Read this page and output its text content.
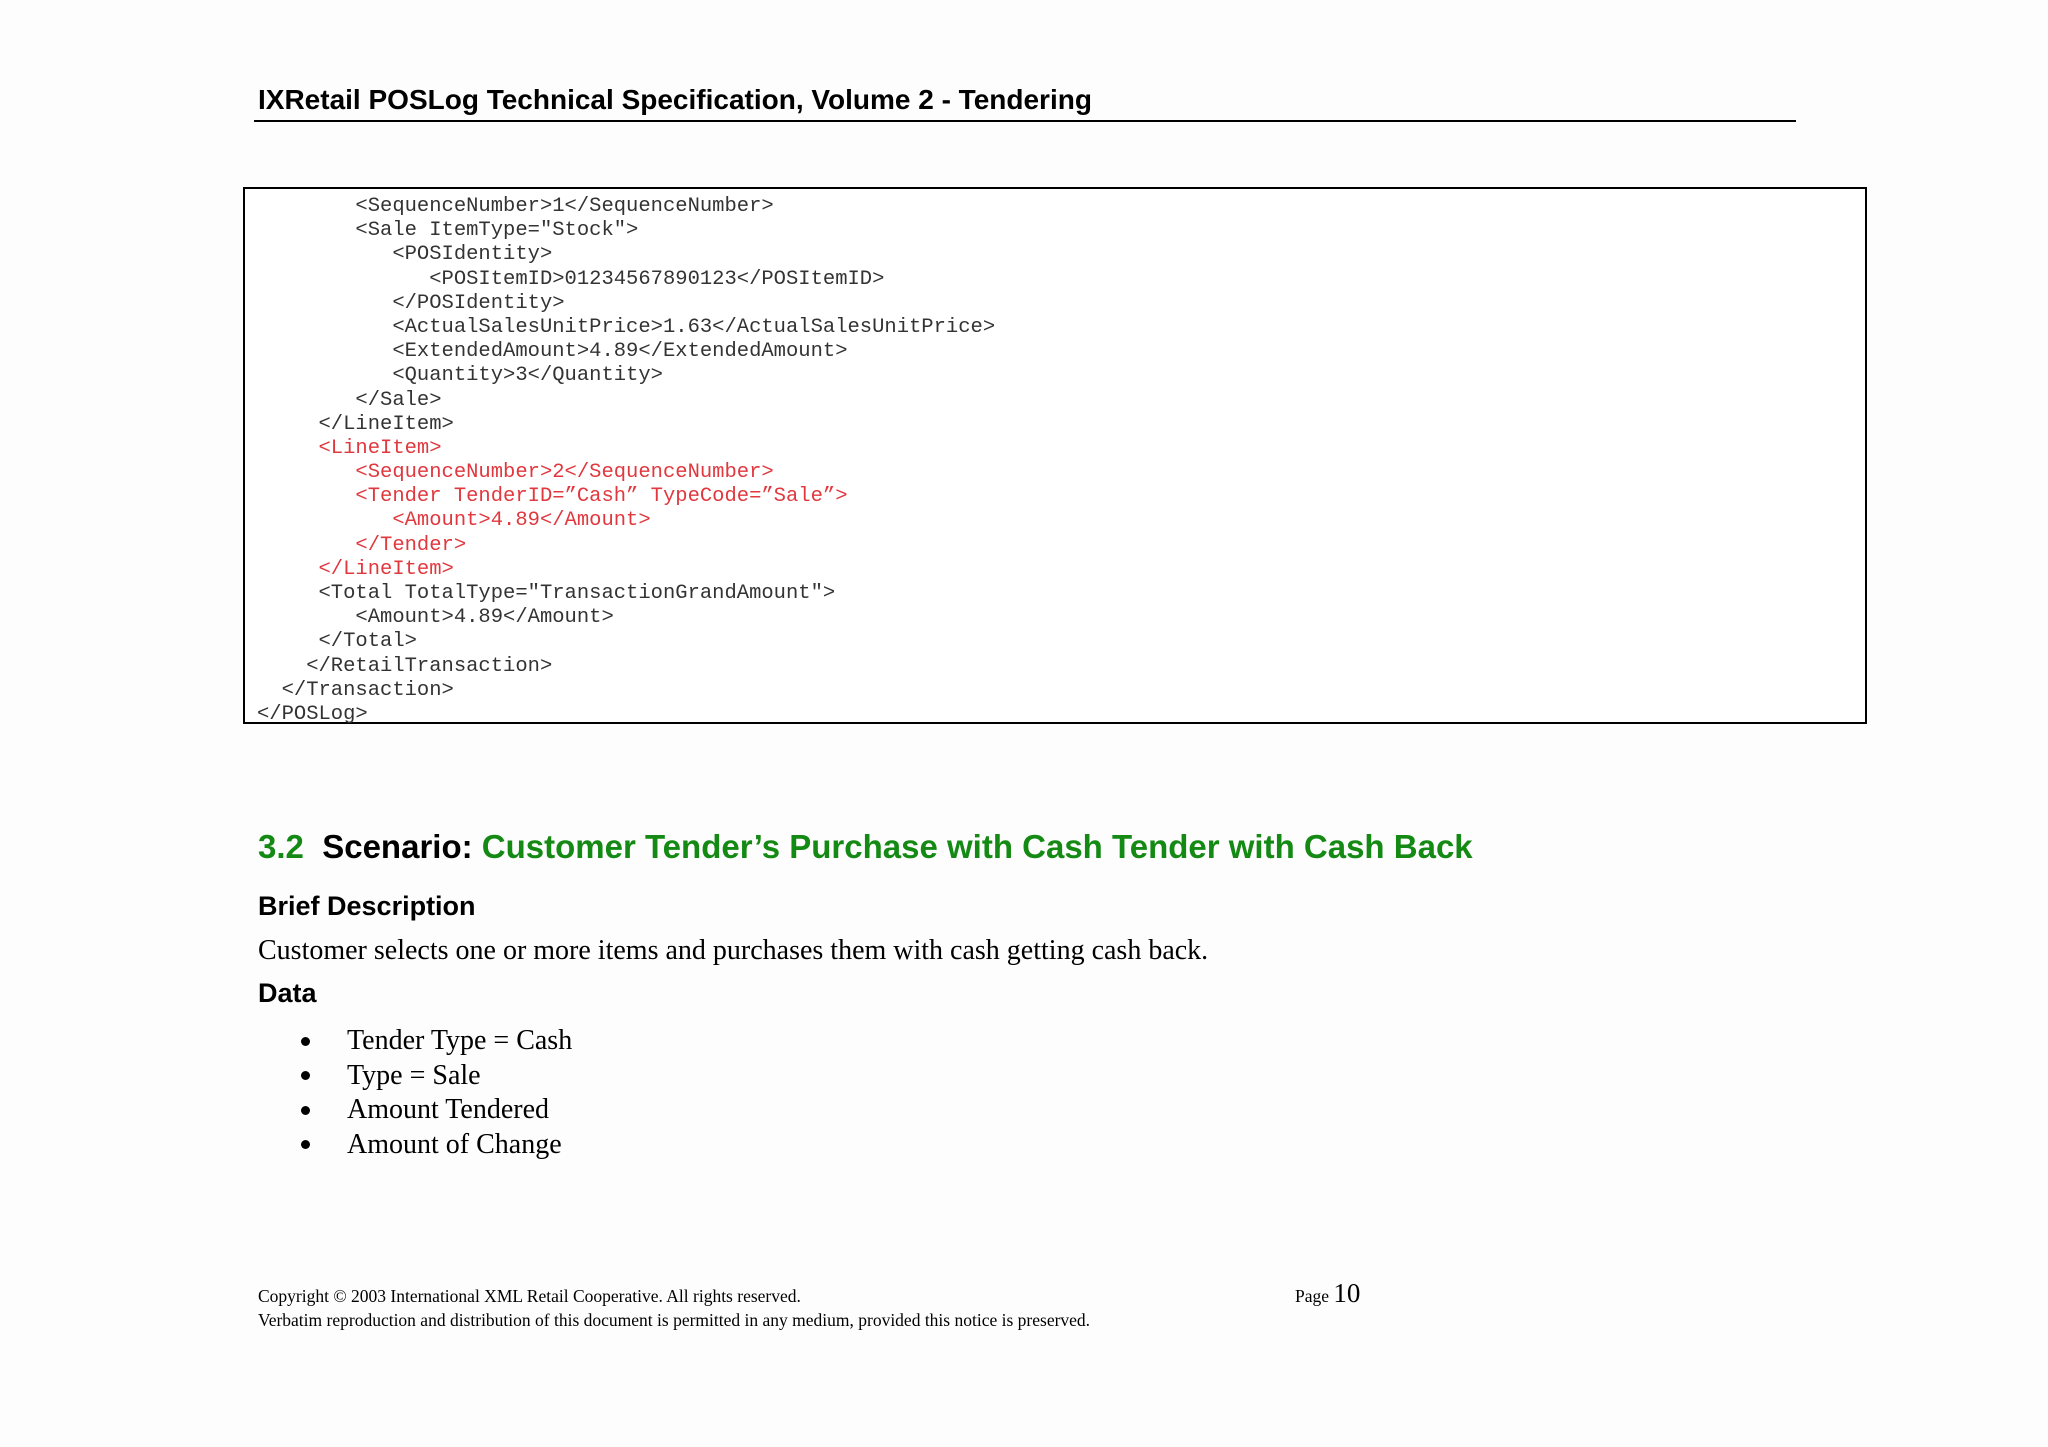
IXRetail POSLog Technical Specification, Volume 2 - Tendering
<SequenceNumber>1</SequenceNumber>
<Sale ItemType="Stock">
<POSIdentity>
<POSItemID>01234567890123</POSItemID>
</POSIdentity>
<ActualSalesUnitPrice>1.63</ActualSalesUnitPrice>
<ExtendedAmount>4.89</ExtendedAmount>
<Quantity>3</Quantity>
</Sale>
</LineItem>
<LineItem>
<SequenceNumber>2</SequenceNumber>
<Tender TenderID=”Cash” TypeCode=”Sale”>
<Amount>4.89</Amount>
</Tender>
</LineItem>
<Total TotalType="TransactionGrandAmount">
<Amount>4.89</Amount>
</Total>
</RetailTransaction>
</Transaction>
</POSLog>
3.2 Scenario: Customer Tender’s Purchase with Cash Tender with Cash Back
Brief Description
Customer selects one or more items and purchases them with cash getting cash back.
Data
Tender Type = Cash
Type = Sale
Amount Tendered
Amount of Change
Copyright © 2003 International XML Retail Cooperative. All rights reserved.
Verbatim reproduction and distribution of this document is permitted in any medium, provided this notice is preserved.
Page 10
